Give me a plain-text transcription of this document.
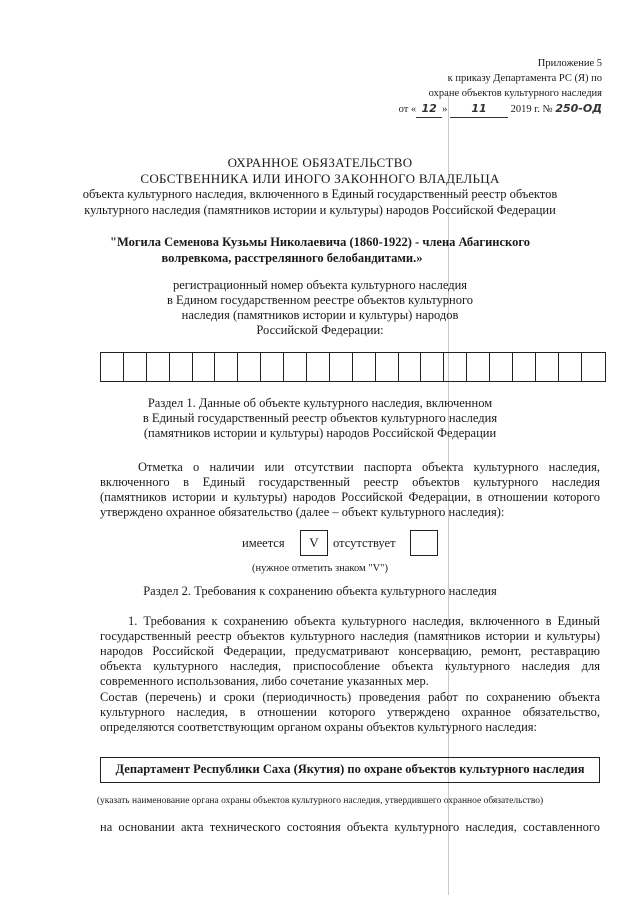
Приложение 5
к приказу Департамента РС (Я) по
охране объектов культурного наследия
от « 12 » 11 2019 г. № 250-ОД
ОХРАННОЕ ОБЯЗАТЕЛЬСТВО
СОБСТВЕННИКА ИЛИ ИНОГО ЗАКОННОГО ВЛАДЕЛЬЦА
объекта культурного наследия, включенного в Единый государственный реестр объектов
культурного наследия (памятников истории и культуры) народов Российской Федерации
"Могила Семенова Кузьмы Николаевича (1860-1922) - члена Абагинского
волревкома, расстрелянного белобандитами.»
регистрационный номер объекта культурного наследия
в Едином государственном реестре объектов культурного
наследия (памятников истории и культуры) народов
Российской Федерации:
Раздел 1. Данные об объекте культурного наследия, включенном
в Единый государственный реестр объектов культурного наследия
(памятников истории и культуры) народов Российской Федерации
Отметка о наличии или отсутствии паспорта объекта культурного наследия,
включенного в Единый государственный реестр объектов культурного наследия
(памятников истории и культуры) народов Российской Федерации, в отношении которого
утверждено охранное обязательство (далее – объект культурного наследия):
имеется	V	отсутствует
(нужное отметить знаком "V")
Раздел 2. Требования к сохранению объекта культурного наследия
1. Требования к сохранению объекта культурного наследия, включенного в Единый
государственный реестр объектов культурного наследия (памятников истории и культуры)
народов Российской Федерации, предусматривают консервацию, ремонт, реставрацию
объекта культурного наследия, приспособление объекта культурного наследия для
современного использования, либо сочетание указанных мер.
Состав (перечень) и сроки (периодичность) проведения работ по сохранению объекта
культурного наследия, в отношении которого утверждено охранное обязательство,
определяются соответствующим органом охраны объектов культурного наследия:
Департамент Республики Саха (Якутия) по охране объектов культурного наследия
(указать наименование органа охраны объектов культурного наследия, утвердившего охранное обязательство)
на основании акта технического состояния объекта культурного наследия, составленного
